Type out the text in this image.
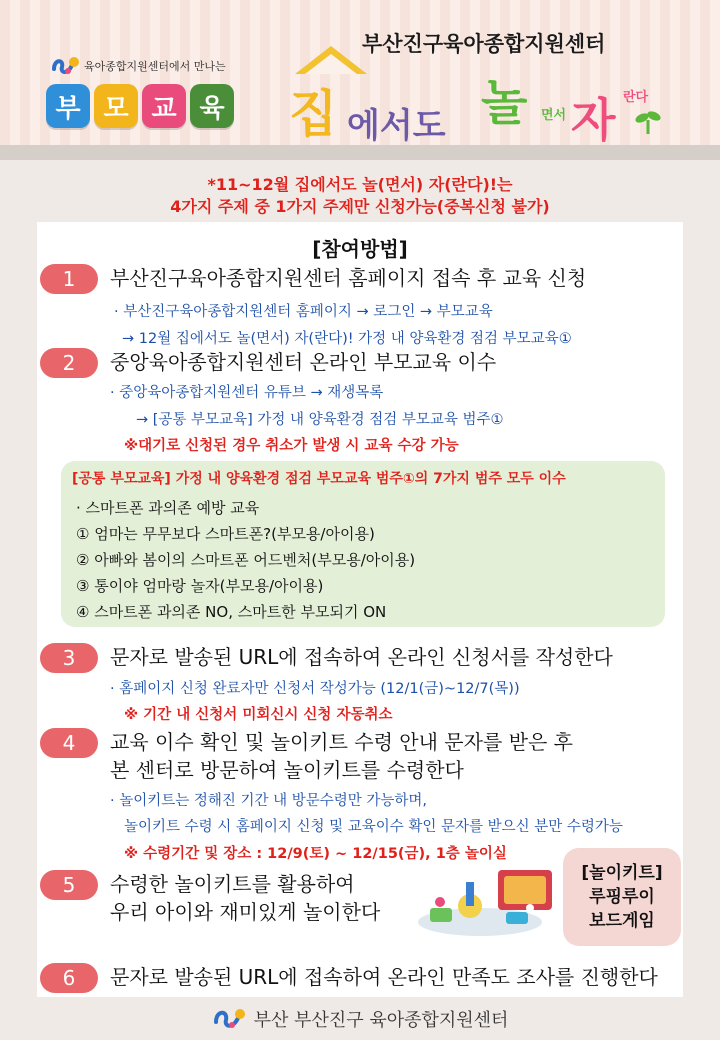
육아종합지원센터에서 만나는
부 모 교 육
부산진구육아종합지원센터
집 에서도 놀 면서 자 란다
*11~12월 집에서도 놀(면서) 자(란다)!는
4가지 주제 중 1가지 주제만 신청가능(중복신청 불가)
[참여방법]
1	부산진구육아종합지원센터 홈페이지 접속 후 교육 신청
· 부산진구육아종합지원센터 홈페이지 → 로그인 → 부모교육
→ 12월 집에서도 놀(면서) 자(란다)! 가정 내 양육환경 점검 부모교육①
2	중앙육아종합지원센터 온라인 부모교육 이수
· 중앙육아종합지원센터 유튜브 → 재생목록
→ [공통 부모교육] 가정 내 양육환경 점검 부모교육 범주①
※대기로 신청된 경우 취소가 발생 시 교육 수강 가능
[공통 부모교육] 가정 내 양육환경 점검 부모교육 범주①의 7가지 범주 모두 이수
· 스마트폰 과의존 예방 교육
① 엄마는 무무보다 스마트폰?(부모용/아이용)
② 아빠와 봄이의 스마트폰 어드벤처(부모용/아이용)
③ 통이야 엄마랑 놀자(부모용/아이용)
④ 스마트폰 과의존 NO, 스마트한 부모되기 ON
3	문자로 발송된 URL에 접속하여 온라인 신청서를 작성한다
· 홈페이지 신청 완료자만 신청서 작성가능 (12/1(금)~12/7(목))
※ 기간 내 신청서 미회신시 신청 자동취소
4	교육 이수 확인 및 놀이키트 수령 안내 문자를 받은 후
본 센터로 방문하여 놀이키트를 수령한다
· 놀이키트는 정해진 기간 내 방문수령만 가능하며,
놀이키트 수령 시 홈페이지 신청 및 교육이수 확인 문자를 받으신 분만 수령가능
※ 수령기간 및 장소 : 12/9(토) ~ 12/15(금), 1층 놀이실
5	수령한 놀이키트를 활용하여
우리 아이와 재미있게 놀이한다
[놀이키트]
루핑루이
보드게임
6	문자로 발송된 URL에 접속하여 온라인 만족도 조사를 진행한다
부산 부산진구 육아종합지원센터
